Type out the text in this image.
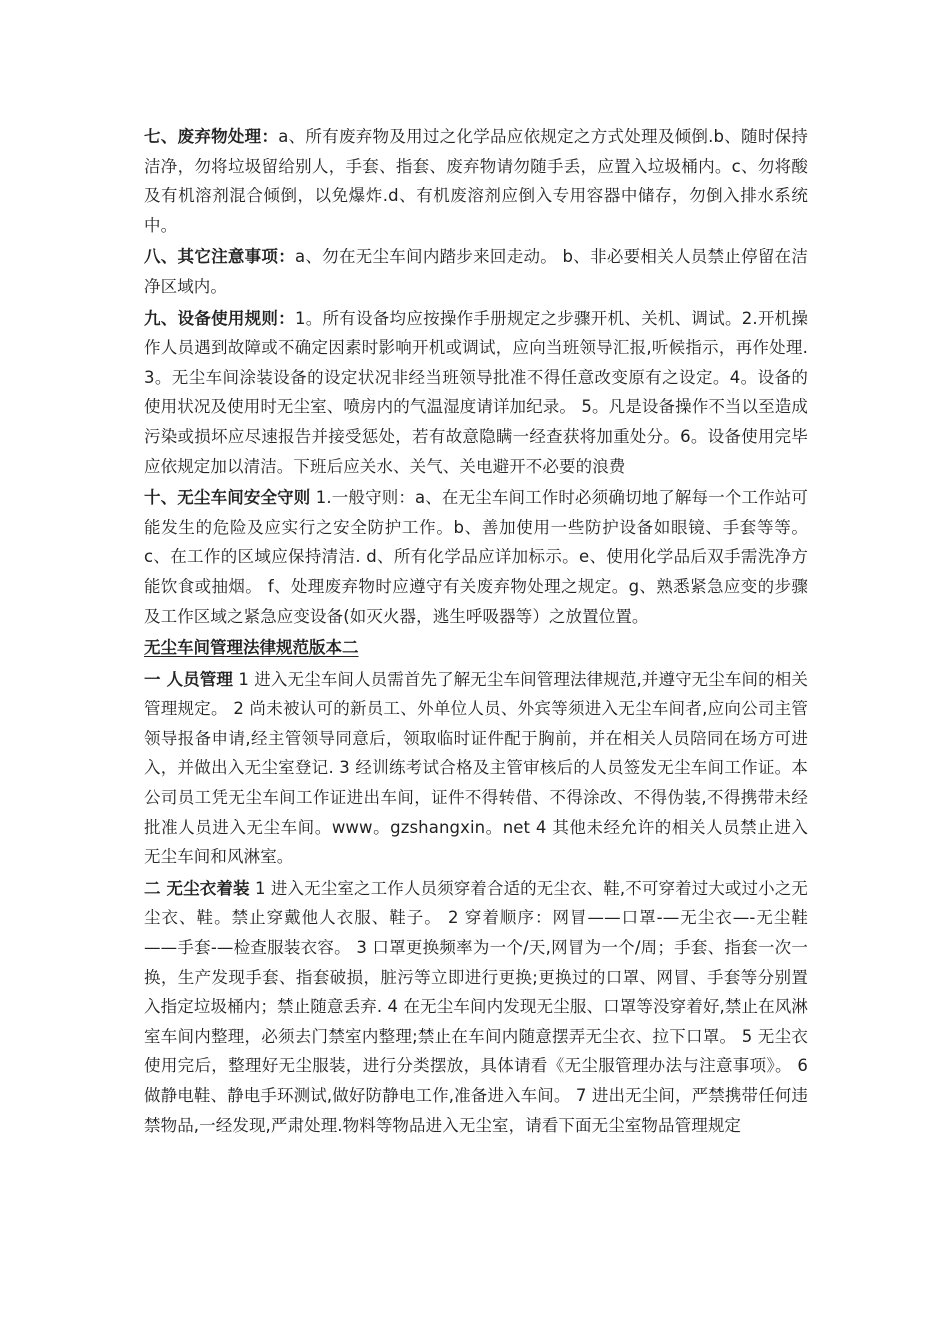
七、废弃物处理：a、所有废弃物及用过之化学品应依规定之方式处理及倾倒.b、随时保持洁净，勿将垃圾留给别人，手套、指套、废弃物请勿随手丢，应置入垃圾桶内。c、勿将酸及有机溶剂混合倾倒，以免爆炸.d、有机废溶剂应倒入专用容器中储存，勿倒入排水系统中。

八、其它注意事项：a、勿在无尘车间内踏步来回走动。 b、非必要相关人员禁止停留在洁净区域内。

九、设备使用规则：1。所有设备均应按操作手册规定之步骤开机、关机、调试。2.开机操作人员遇到故障或不确定因素时影响开机或调试，应向当班领导汇报,听候指示，再作处理.3。无尘车间涂装设备的设定状况非经当班领导批准不得任意改变原有之设定。4。设备的使用状况及使用时无尘室、喷房内的气温湿度请详加纪录。 5。凡是设备操作不当以至造成污染或损坏应尽速报告并接受惩处，若有故意隐瞒一经查获将加重处分。6。设备使用完毕应依规定加以清洁。下班后应关水、关气、关电避开不必要的浪费

十、无尘车间安全守则 1.一般守则：a、在无尘车间工作时必须确切地了解每一个工作站可能发生的危险及应实行之安全防护工作。b、善加使用一些防护设备如眼镜、手套等等。c、在工作的区域应保持清洁. d、所有化学品应详加标示。e、使用化学品后双手需洗净方能饮食或抽烟。 f、处理废弃物时应遵守有关废弃物处理之规定。g、熟悉紧急应变的步骤及工作区域之紧急应变设备(如灭火器，逃生呼吸器等）之放置位置。

无尘车间管理法律规范版本二

一 人员管理 1 进入无尘车间人员需首先了解无尘车间管理法律规范,并遵守无尘车间的相关管理规定。 2 尚未被认可的新员工、外单位人员、外宾等须进入无尘车间者,应向公司主管领导报备申请,经主管领导同意后，领取临时证件配于胸前，并在相关人员陪同在场方可进入，并做出入无尘室登记. 3 经训练考试合格及主管审核后的人员签发无尘车间工作证。本公司员工凭无尘车间工作证进出车间，证件不得转借、不得涂改、不得伪装,不得携带未经批准人员进入无尘车间。www。gzshangxin。net 4 其他未经允许的相关人员禁止进入无尘车间和风淋室。

二 无尘衣着装 1 进入无尘室之工作人员须穿着合适的无尘衣、鞋,不可穿着过大或过小之无尘衣、鞋。禁止穿戴他人衣服、鞋子。 2 穿着顺序：网冒——口罩-—无尘衣—-无尘鞋——手套-—检查服装衣容。 3 口罩更换频率为一个/天,网冒为一个/周；手套、指套一次一换，生产发现手套、指套破损，脏污等立即进行更换;更换过的口罩、网冒、手套等分别置入指定垃圾桶内；禁止随意丢弃. 4 在无尘车间内发现无尘服、口罩等没穿着好,禁止在风淋室车间内整理，必须去门禁室内整理;禁止在车间内随意摆弄无尘衣、拉下口罩。 5 无尘衣使用完后，整理好无尘服装，进行分类摆放，具体请看《无尘服管理办法与注意事项》。 6 做静电鞋、静电手环测试,做好防静电工作,准备进入车间。 7 进出无尘间，严禁携带任何违禁物品,一经发现,严肃处理.物料等物品进入无尘室，请看下面无尘室物品管理规定
